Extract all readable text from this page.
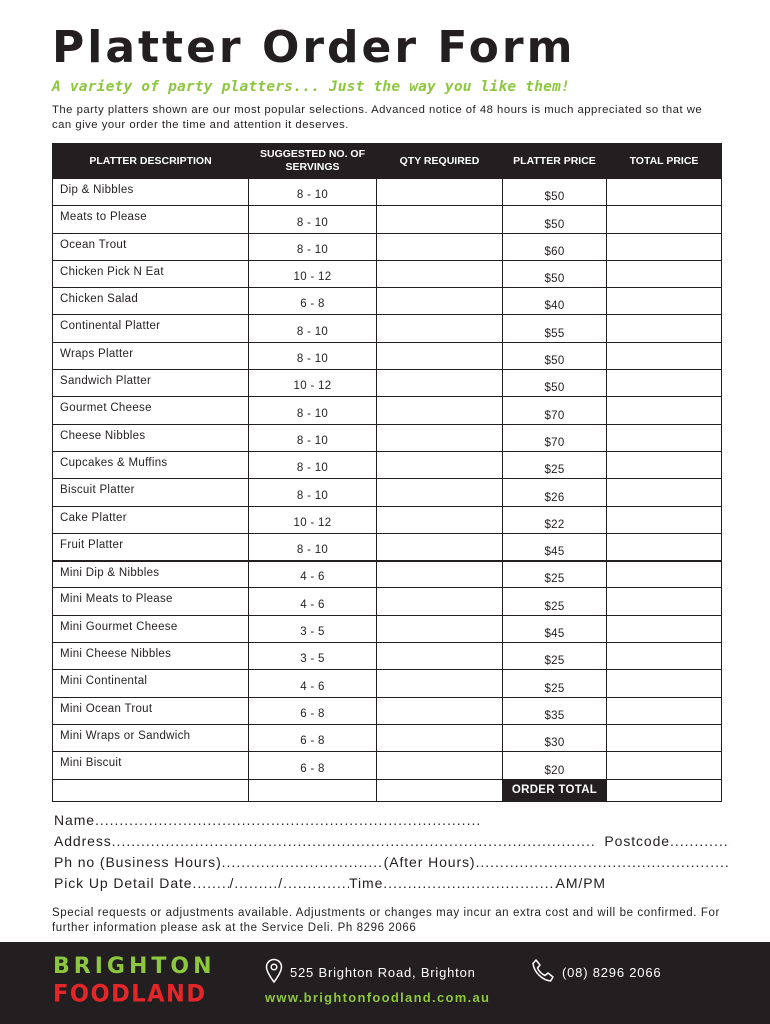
Platter Order Form
A variety of party platters... Just the way you like them!
The party platters shown are our most popular selections. Advanced notice of 48 hours is much appreciated so that we can give your order the time and attention it deserves.
PLATTER DESCRIPTION	SUGGESTED NO. OF SERVINGS	QTY REQUIRED	PLATTER PRICE	TOTAL PRICE
Dip & Nibbles	8 - 10		$50	
Meats to Please	8 - 10		$50	
Ocean Trout	8 - 10		$60	
Chicken Pick N Eat	10 - 12		$50	
Chicken Salad	6 - 8		$40	
Continental Platter	8 - 10		$55	
Wraps Platter	8 - 10		$50	
Sandwich Platter	10 - 12		$50	
Gourmet Cheese	8 - 10		$70	
Cheese Nibbles	8 - 10		$70	
Cupcakes & Muffins	8 - 10		$25	
Biscuit Platter	8 - 10		$26	
Cake Platter	10 - 12		$22	
Fruit Platter	8 - 10		$45	
Mini Dip & Nibbles	4 - 6		$25	
Mini Meats to Please	4 - 6		$25	
Mini Gourmet Cheese	3 - 5		$45	
Mini Cheese Nibbles	3 - 5		$25	
Mini Continental	4 - 6		$25	
Mini Ocean Trout	6 - 8		$35	
Mini Wraps or Sandwich	6 - 8		$30	
Mini Biscuit	6 - 8		$20	
			ORDER TOTAL	
Name
.....
Address .....	Postcode
.....
Ph no (Business Hours) .....	(After Hours)
.....
Pick Up Detail Date .....	/ .....	/ .....	Time .....	AM/PM
Special requests or adjustments available. Adjustments or changes may incur an extra cost and will be confirmed. For further information please ask at the Service Deli. Ph 8296 2066
BRIGHTON
FOODLAND
525 Brighton Road, Brighton	(08) 8296 2066
www.brightonfoodland.com.au
